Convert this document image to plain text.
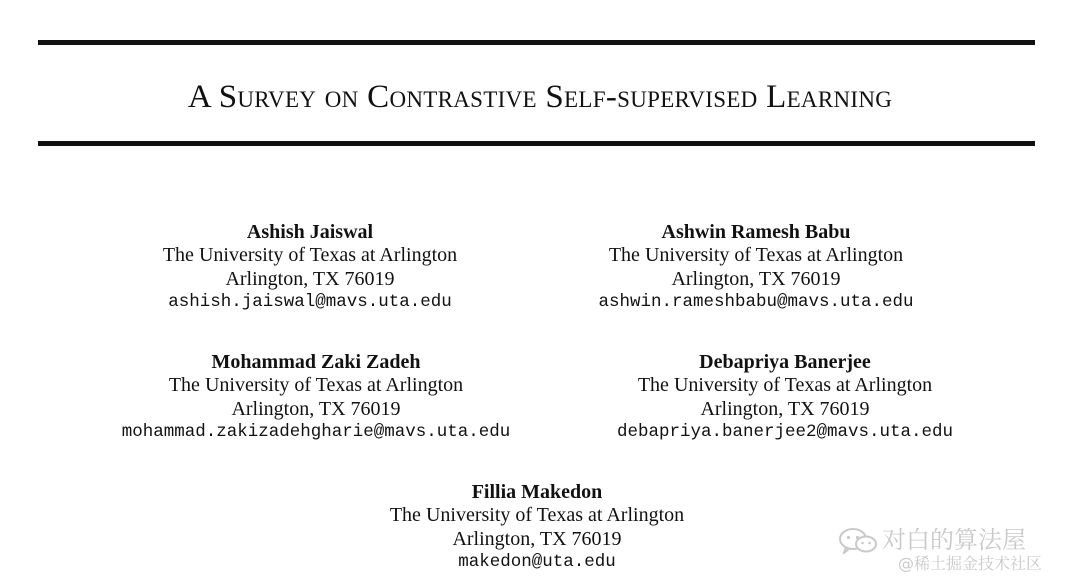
A Survey on Contrastive Self-supervised Learning
Ashish Jaiswal
The University of Texas at Arlington
Arlington, TX 76019
ashish.jaiswal@mavs.uta.edu
Ashwin Ramesh Babu
The University of Texas at Arlington
Arlington, TX 76019
ashwin.rameshbabu@mavs.uta.edu
Mohammad Zaki Zadeh
The University of Texas at Arlington
Arlington, TX 76019
mohammad.zakizadehgharie@mavs.uta.edu
Debapriya Banerjee
The University of Texas at Arlington
Arlington, TX 76019
debapriya.banerjee2@mavs.uta.edu
Fillia Makedon
The University of Texas at Arlington
Arlington, TX 76019
makedon@uta.edu
对白的算法屋
@稀土掘金技术社区
